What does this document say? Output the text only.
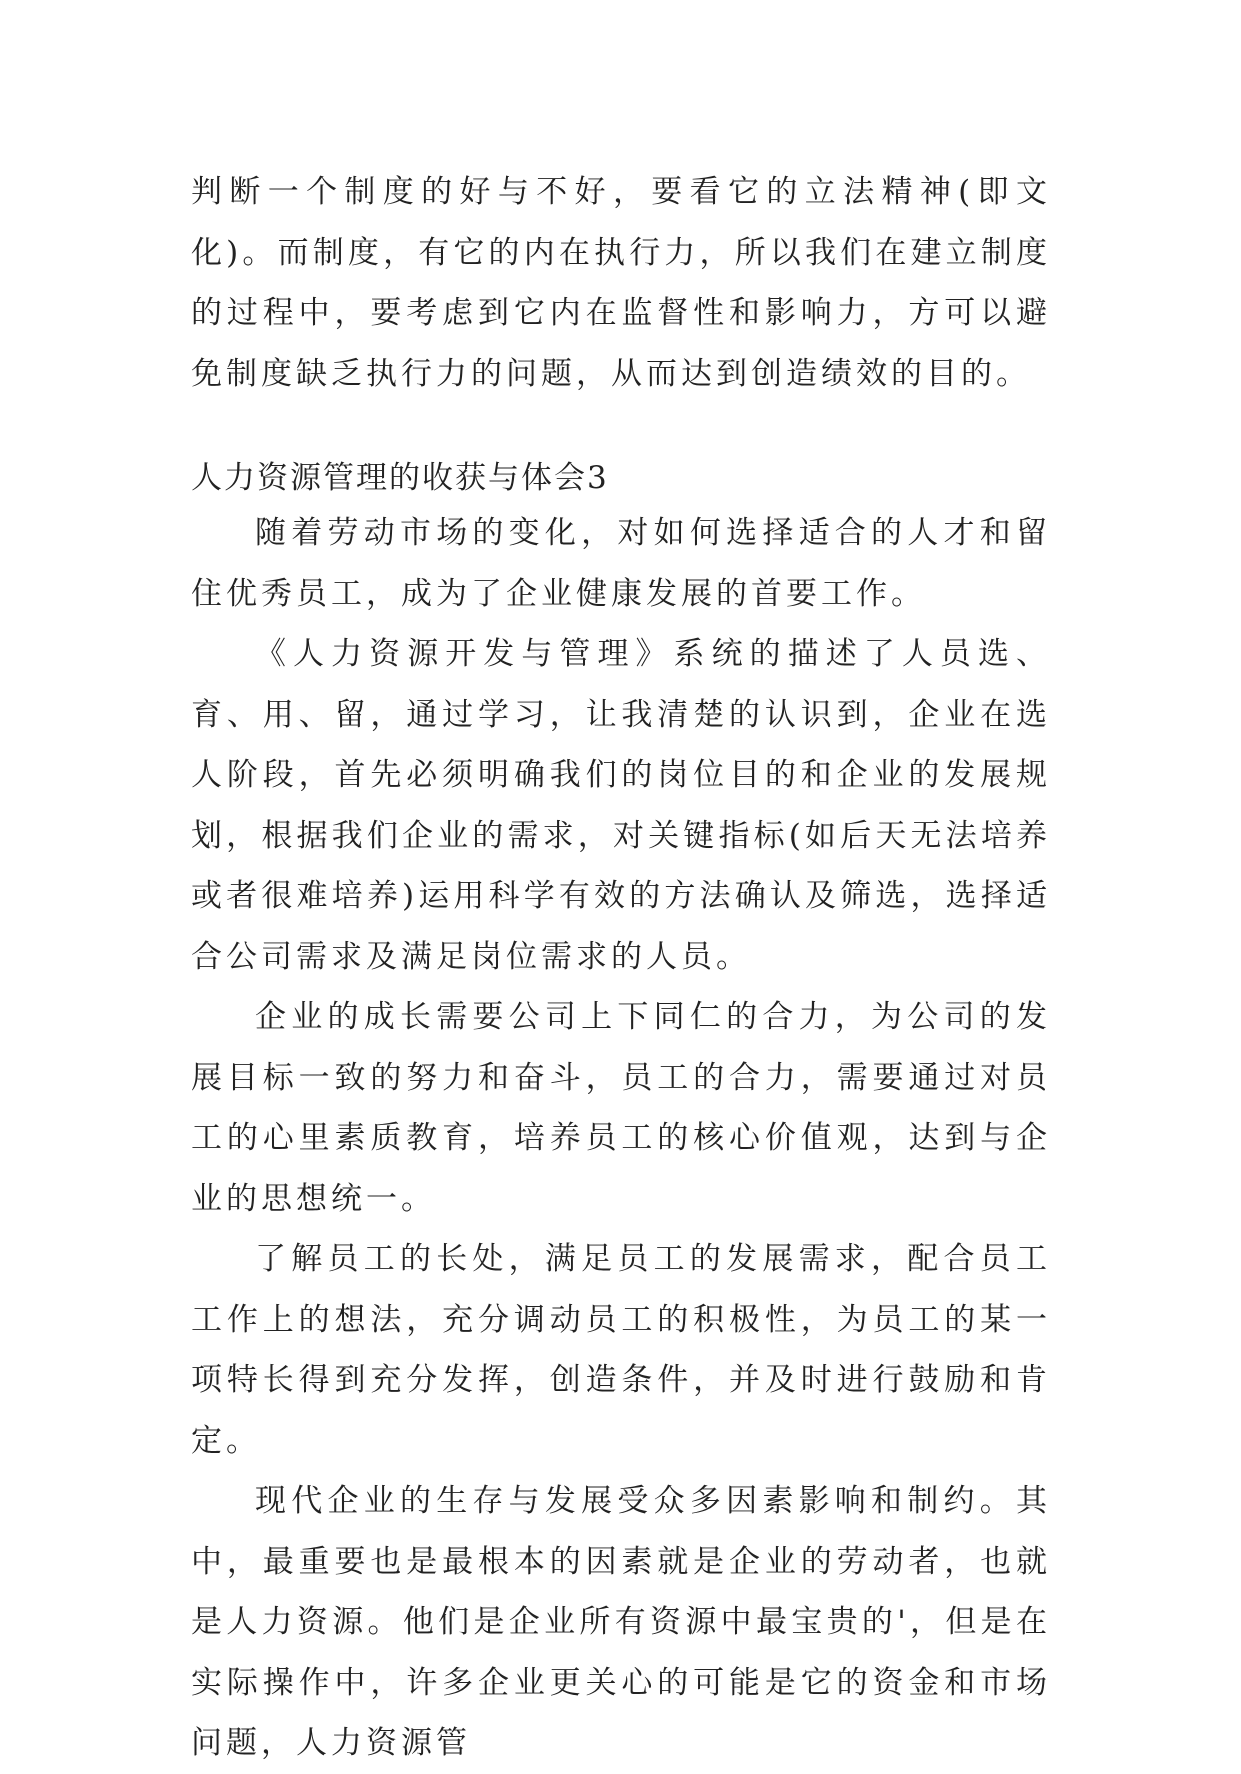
判断一个制度的好与不好，要看它的立法精神(即文化)。而制度，有它的内在执行力，所以我们在建立制度的过程中，要考虑到它内在监督性和影响力，方可以避免制度缺乏执行力的问题，从而达到创造绩效的目的。

人力资源管理的收获与体会3

随着劳动市场的变化，对如何选择适合的人才和留住优秀员工，成为了企业健康发展的首要工作。

《人力资源开发与管理》系统的描述了人员选、育、用、留，通过学习，让我清楚的认识到，企业在选人阶段，首先必须明确我们的岗位目的和企业的发展规划，根据我们企业的需求，对关键指标(如后天无法培养或者很难培养)运用科学有效的方法确认及筛选，选择适合公司需求及满足岗位需求的人员。

企业的成长需要公司上下同仁的合力，为公司的发展目标一致的努力和奋斗，员工的合力，需要通过对员工的心里素质教育，培养员工的核心价值观，达到与企业的思想统一。

了解员工的长处，满足员工的发展需求，配合员工工作上的想法，充分调动员工的积极性，为员工的某一项特长得到充分发挥，创造条件，并及时进行鼓励和肯定。

现代企业的生存与发展受众多因素影响和制约。其中，最重要也是最根本的因素就是企业的劳动者，也就是人力资源。他们是企业所有资源中最宝贵的'，但是在实际操作中，许多企业更关心的可能是它的资金和市场问题，人力资源管
